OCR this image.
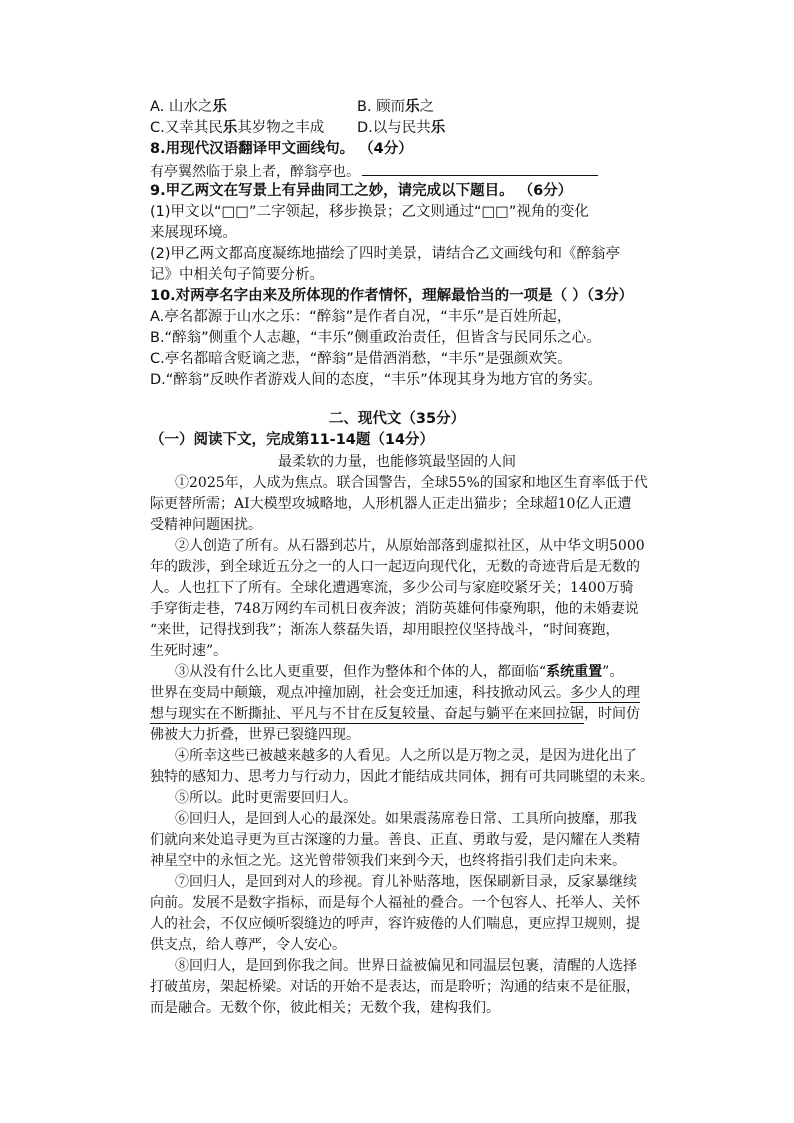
A. 山水之乐	B. 顾而乐之
C.又幸其民乐其岁物之丰成 D.以与民共乐
8.用现代汉语翻译甲文画线句。 （4分）
有亭翼然临于泉上者，醉翁亭也。
9.甲乙两文在写景上有异曲同工之妙，请完成以下题目。 （6分）
(1)甲文以“□□”二字领起，移步换景；乙文则通过“□□”视角的变化
来展现环境。
(2)甲乙两文都高度凝练地描绘了四时美景，请结合乙文画线句和《醉翁亭
记》中相关句子简要分析。
10.对两亭名字由来及所体现的作者情怀，理解最恰当的一项是（ ）（3分）
A.亭名都源于山水之乐：“醉翁”是作者自况，“丰乐”是百姓所起，
B.“醉翁”侧重个人志趣，“丰乐”侧重政治责任，但皆含与民同乐之心。
C.亭名都暗含贬谪之悲，“醉翁”是借酒消愁，“丰乐”是强颜欢笑。
D.“醉翁”反映作者游戏人间的态度，“丰乐”体现其身为地方官的务实。
二、现代文（35分）
（一）阅读下文，完成第11-14题（14分）
最柔软的力量，也能修筑最坚固的人间
①2025年，人成为焦点。联合国警告，全球55%的国家和地区生育率低于代
际更替所需；AI大模型攻城略地，人形机器人正走出猫步；全球超10亿人正遭
受精神问题困扰。
②人创造了所有。从石器到芯片，从原始部落到虚拟社区，从中华文明5000
年的跋涉，到全球近五分之一的人口一起迈向现代化，无数的奇迹背后是无数的
人。人也扛下了所有。全球化遭遇寒流，多少公司与家庭咬紧牙关；1400万骑
手穿街走巷，748万网约车司机日夜奔波；消防英雄何伟豪殉职，他的未婚妻说
“来世，记得找到我”；渐冻人蔡磊失语，却用眼控仪坚持战斗，“时间赛跑，
生死时速”。
③从没有什么比人更重要，但作为整体和个体的人，都面临“系统重置”。
世界在变局中颠簸，观点冲撞加剧，社会变迁加速，科技掀动风云。多少人的理
想与现实在不断撕扯、平凡与不甘在反复较量、奋起与躺平在来回拉锯，时间仿
佛被大力折叠，世界已裂缝四现。
④所幸这些已被越来越多的人看见。人之所以是万物之灵，是因为进化出了
独特的感知力、思考力与行动力，因此才能结成共同体，拥有可共同眺望的未来。
⑤所以。此时更需要回归人。
⑥回归人，是回到人心的最深处。如果震荡席卷日常、工具所向披靡，那我
们就向来处追寻更为亘古深邃的力量。善良、正直、勇敢与爱，是闪耀在人类精
神星空中的永恒之光。这光曾带领我们来到今天，也终将指引我们走向未来。
⑦回归人，是回到对人的珍视。育儿补贴落地，医保刷新目录，反家暴继续
向前。发展不是数字指标，而是每个人福祉的叠合。一个包容人、托举人、关怀
人的社会，不仅应倾听裂缝边的呼声，容许疲倦的人们喘息，更应捍卫规则，提
供支点，给人尊严，令人安心。
⑧回归人，是回到你我之间。世界日益被偏见和同温层包裹，清醒的人选择
打破茧房，架起桥梁。对话的开始不是表达，而是聆听；沟通的结束不是征服，
而是融合。无数个你，彼此相关；无数个我，建构我们。
